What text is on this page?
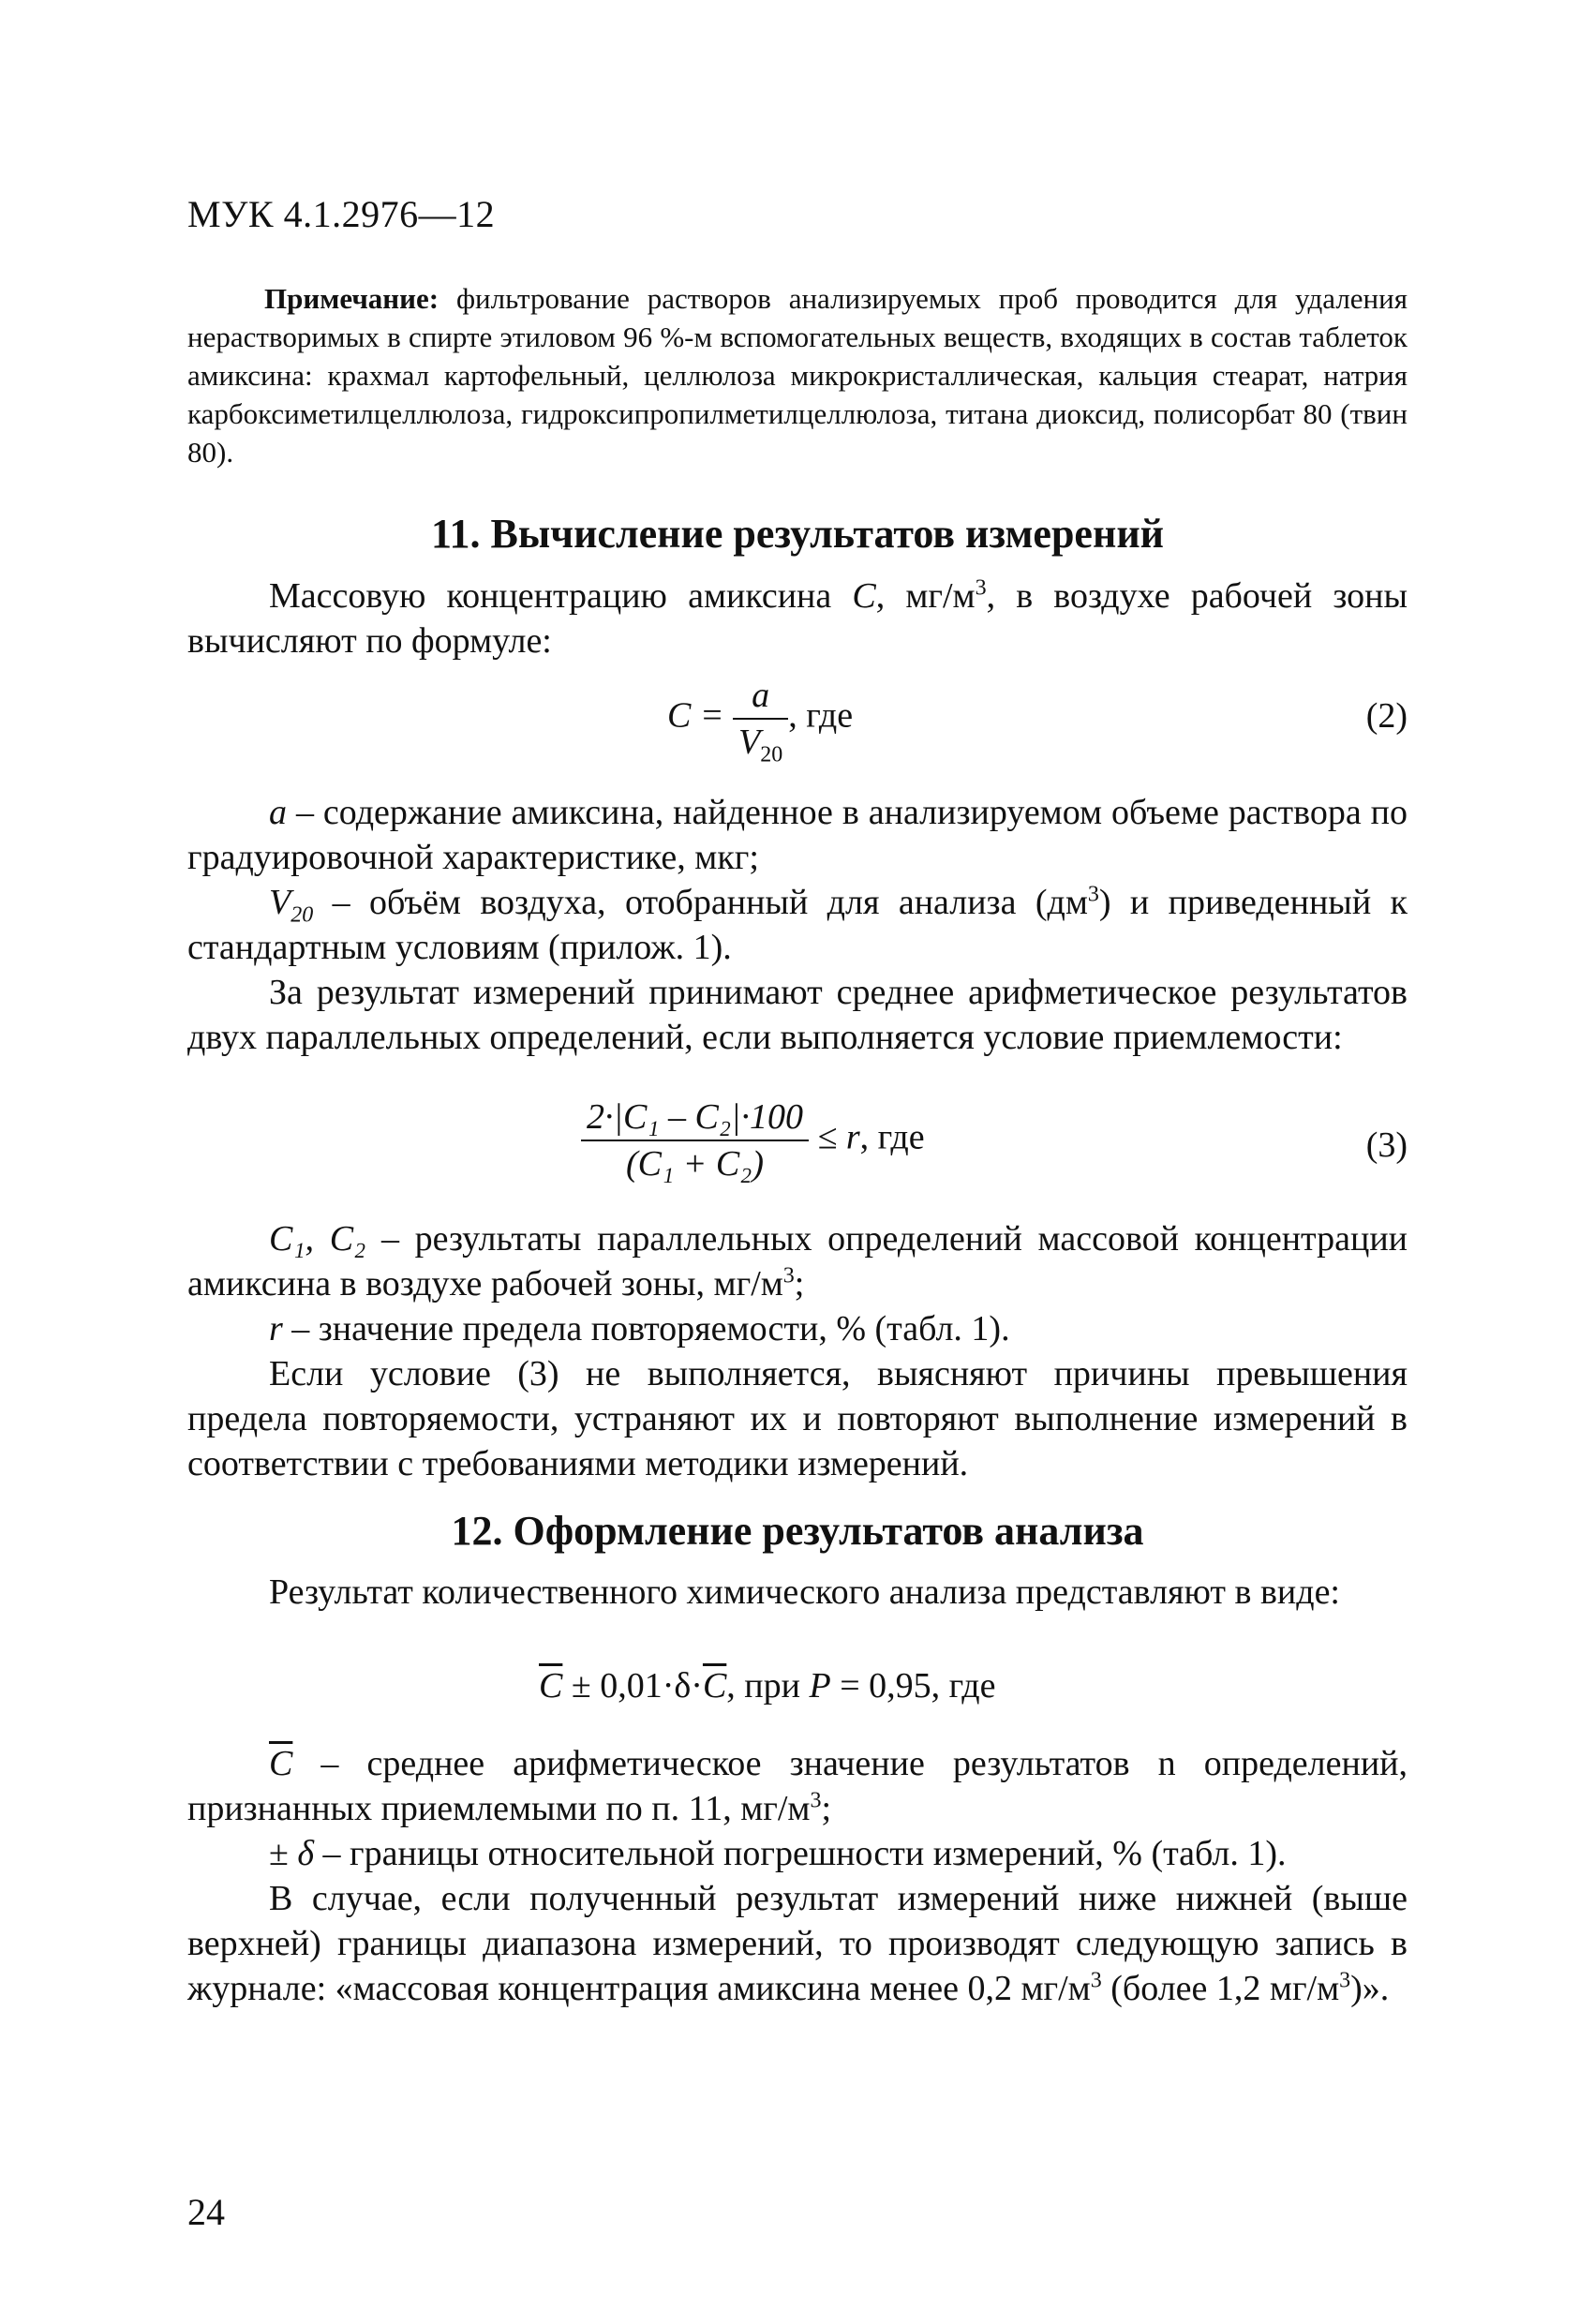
МУК 4.1.2976—12
Примечание: фильтрование растворов анализируемых проб проводится для удаления нерастворимых в спирте этиловом 96 %-м вспомогательных веществ, входящих в состав таблеток амиксина: крахмал картофельный, целлюлоза микрокристаллическая, кальция стеарат, натрия карбоксиметилцеллюлоза, гидроксипропилметилцеллюлоза, титана диоксид, полисорбат 80 (твин 80).
11. Вычисление результатов измерений
Массовую концентрацию амиксина С, $мг/м^3$, в воздухе рабочей зоны вычисляют по формуле:
$С = \frac{a}{V_{20}}$ , где	(2)
a – содержание амиксина, найденное в анализируемом объеме раствора по градуировочной характеристике, мкг;
$V_{20}$ – объём воздуха, отобранный для анализа $(дм^3)$ и приведенный к стандартным условиям (прилож. 1).
За результат измерений принимают среднее арифметическое результатов двух параллельных определений, если выполняется условие приемлемости:
$\frac{\text{2·|C₁ – C₂|·100}}{\text{(C₁ + C₂)}} \le r$, где	(3)
C₁, C₂ – результаты параллельных определений массовой концентрации амиксина в воздухе рабочей зоны, $мг/м^3$;
r – значение предела повторяемости, % (табл. 1).
Если условие (3) не выполняется, выясняют причины превышения предела повторяемости, устраняют их и повторяют выполнение измерений в соответствии с требованиями методики измерений.
12. Оформление результатов анализа
Результат количественного химического анализа представляют в виде:
$\overline{C} \pm 0,01\cdot\delta\cdot\overline{C}$, при P = 0,95, где
$\overline{C}$ – среднее арифметическое значение результатов n определений, признанных приемлемыми по п. 11, $мг/м^3$;
± δ – границы относительной погрешности измерений, % (табл. 1).
В случае, если полученный результат измерений ниже нижней (выше верхней) границы диапазона измерений, то производят следующую запись в журнале: «массовая концентрация амиксина менее 0,2 $мг/м^3$ (более 1,2 $мг/м^3$)».
24
